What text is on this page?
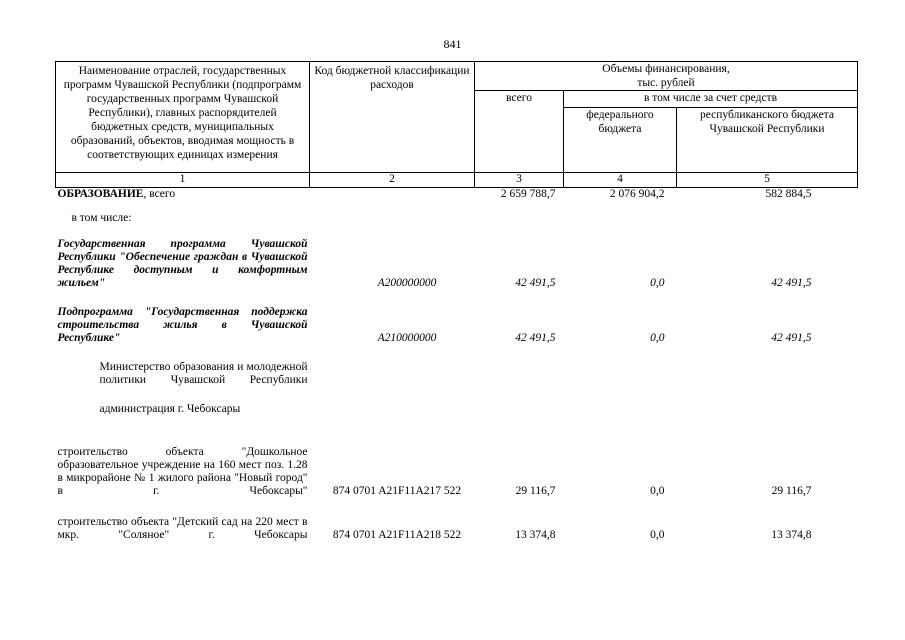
841
Наименование отраслей, государственных программ Чувашской Республики (подпрограмм государственных программ Чувашской Республики), главных распорядителей бюджетных средств, муниципальных образований, объектов, вводимая мощность в соответствующих единицах измерения	Код бюджетной классификации расходов	Объемы финансирования,
тыс. рублей		

		всего	в том числе за счет средств	
			федерального бюджета	республиканского бюджета Чувашской Республики
1	2	3	4	5
ОБРАЗОВАНИЕ, всего		2 659 788,7	2 076 904,2	582 884,5
в том числе:				

Государственная программа Чувашской Республики "Обеспечение граждан в Чувашской Республике доступным и комфортным жильем"	А200000000	42 491,5	0,0	42 491,5

Подпрограмма "Государственная поддержка строительства жилья в Чувашской Республике"	А210000000	42 491,5	0,0	42 491,5

Министерство образования и молодежной политики Чувашской Республики				

администрация г. Чебоксары				

строительство объекта "Дошкольное образовательное учреждение на 160 мест поз. 1.28 в микрорайоне № 1 жилого района "Новый город" в г. Чебоксары"	874 0701 A21F11A217 522	29 116,7	0,0	29 116,7

строительство объекта "Детский сад на 220 мест в мкр. "Соляное" г. Чебоксары	874 0701 A21F11A218 522	13 374,8	0,0	13 374,8
